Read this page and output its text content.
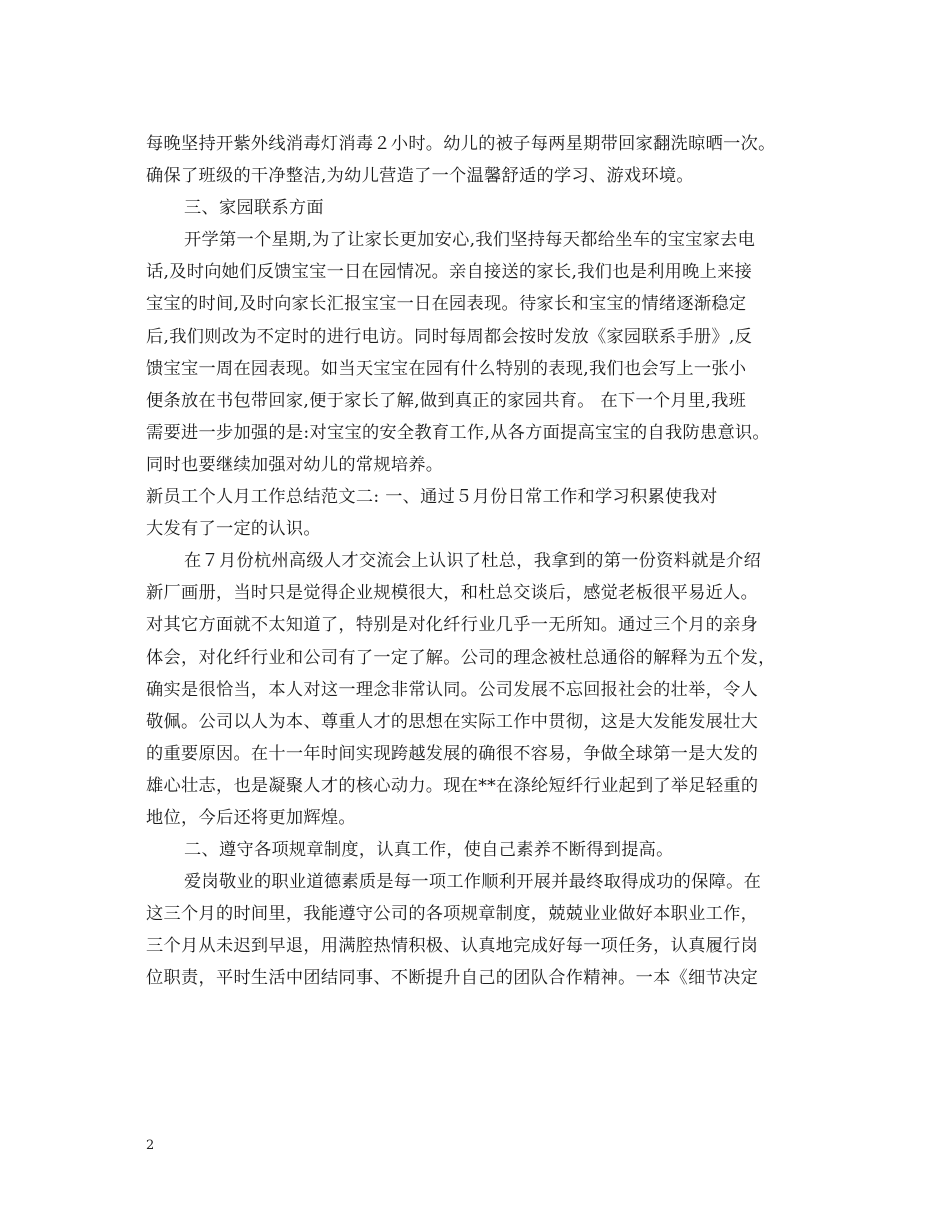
每晚坚持开紫外线消毒灯消毒２小时。幼儿的被子每两星期带回家翻洗晾晒一次。
确保了班级的干净整洁,为幼儿营造了一个温馨舒适的学习、游戏环境。
三、家园联系方面
开学第一个星期,为了让家长更加安心,我们坚持每天都给坐车的宝宝家去电
话,及时向她们反馈宝宝一日在园情况。亲自接送的家长,我们也是利用晚上来接
宝宝的时间,及时向家长汇报宝宝一日在园表现。待家长和宝宝的情绪逐渐稳定
后,我们则改为不定时的进行电访。同时每周都会按时发放《家园联系手册》,反
馈宝宝一周在园表现。如当天宝宝在园有什么特别的表现,我们也会写上一张小
便条放在书包带回家,便于家长了解,做到真正的家园共育。 在下一个月里,我班
需要进一步加强的是:对宝宝的安全教育工作,从各方面提高宝宝的自我防患意识。
同时也要继续加强对幼儿的常规培养。
新员工个人月工作总结范文二: 一、通过５月份日常工作和学习积累使我对
大发有了一定的认识。
在７月份杭州高级人才交流会上认识了杜总，我拿到的第一份资料就是介绍
新厂画册，当时只是觉得企业规模很大，和杜总交谈后，感觉老板很平易近人。
对其它方面就不太知道了，特别是对化纤行业几乎一无所知。通过三个月的亲身
体会，对化纤行业和公司有了一定了解。公司的理念被杜总通俗的解释为五个发，
确实是很恰当，本人对这一理念非常认同。公司发展不忘回报社会的壮举，令人
敬佩。公司以人为本、尊重人才的思想在实际工作中贯彻，这是大发能发展壮大
的重要原因。在十一年时间实现跨越发展的确很不容易，争做全球第一是大发的
雄心壮志，也是凝聚人才的核心动力。现在**在涤纶短纤行业起到了举足轻重的
地位，今后还将更加辉煌。
二、遵守各项规章制度，认真工作，使自己素养不断得到提高。
爱岗敬业的职业道德素质是每一项工作顺利开展并最终取得成功的保障。在
这三个月的时间里，我能遵守公司的各项规章制度，兢兢业业做好本职业工作，
三个月从未迟到早退，用满腔热情积极、认真地完成好每一项任务，认真履行岗
位职责，平时生活中团结同事、不断提升自己的团队合作精神。一本《细节决定
2
